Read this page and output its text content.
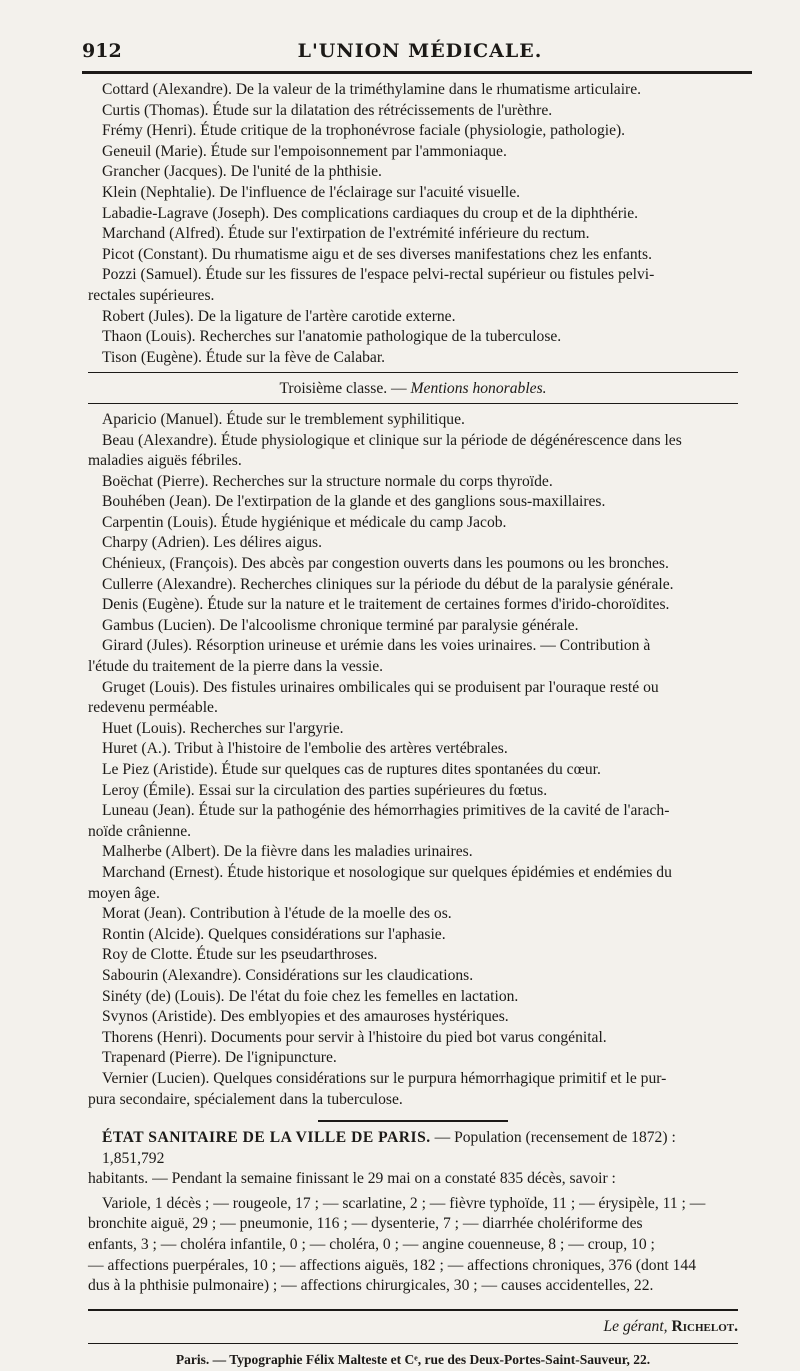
912	L'UNION MÉDICALE.

Cottard (Alexandre). De la valeur de la triméthylamine dans le rhumatisme articulaire.

Curtis (Thomas). Étude sur la dilatation des rétrécissements de l'urèthre.

Frémy (Henri). Étude critique de la trophonévrose faciale (physiologie, pathologie).

Geneuil (Marie). Étude sur l'empoisonnement par l'ammoniaque.

Grancher (Jacques). De l'unité de la phthisie.

Klein (Nephtalie). De l'influence de l'éclairage sur l'acuité visuelle.

Labadie-Lagrave (Joseph). Des complications cardiaques du croup et de la diphthérie.

Marchand (Alfred). Étude sur l'extirpation de l'extrémité inférieure du rectum.

Picot (Constant). Du rhumatisme aigu et de ses diverses manifestations chez les enfants.

Pozzi (Samuel). Étude sur les fissures de l'espace pelvi-rectal supérieur ou fistules pelvi-

rectales supérieures.

Robert (Jules). De la ligature de l'artère carotide externe.

Thaon (Louis). Recherches sur l'anatomie pathologique de la tuberculose.

Tison (Eugène). Étude sur la fève de Calabar.

Troisième classe. — Mentions honorables.

Aparicio (Manuel). Étude sur le tremblement syphilitique.

Beau (Alexandre). Étude physiologique et clinique sur la période de dégénérescence dans les

maladies aiguës fébriles.

Boëchat (Pierre). Recherches sur la structure normale du corps thyroïde.

Bouhében (Jean). De l'extirpation de la glande et des ganglions sous-maxillaires.

Carpentin (Louis). Étude hygiénique et médicale du camp Jacob.

Charpy (Adrien). Les délires aigus.

Chénieux, (François). Des abcès par congestion ouverts dans les poumons ou les bronches.

Cullerre (Alexandre). Recherches cliniques sur la période du début de la paralysie générale.

Denis (Eugène). Étude sur la nature et le traitement de certaines formes d'irido-choroïdites.

Gambus (Lucien). De l'alcoolisme chronique terminé par paralysie générale.

Girard (Jules). Résorption urineuse et urémie dans les voies urinaires. — Contribution à

l'étude du traitement de la pierre dans la vessie.

Gruget (Louis). Des fistules urinaires ombilicales qui se produisent par l'ouraque resté ou

redevenu perméable.

Huet (Louis). Recherches sur l'argyrie.

Huret (A.). Tribut à l'histoire de l'embolie des artères vertébrales.

Le Piez (Aristide). Étude sur quelques cas de ruptures dites spontanées du cœur.

Leroy (Émile). Essai sur la circulation des parties supérieures du fœtus.

Luneau (Jean). Étude sur la pathogénie des hémorrhagies primitives de la cavité de l'arach-

noïde crânienne.

Malherbe (Albert). De la fièvre dans les maladies urinaires.

Marchand (Ernest). Étude historique et nosologique sur quelques épidémies et endémies du

moyen âge.

Morat (Jean). Contribution à l'étude de la moelle des os.

Rontin (Alcide). Quelques considérations sur l'aphasie.

Roy de Clotte. Étude sur les pseudarthroses.

Sabourin (Alexandre). Considérations sur les claudications.

Sinéty (de) (Louis). De l'état du foie chez les femelles en lactation.

Svynos (Aristide). Des emblyopies et des amauroses hystériques.

Thorens (Henri). Documents pour servir à l'histoire du pied bot varus congénital.

Trapenard (Pierre). De l'ignipuncture.

Vernier (Lucien). Quelques considérations sur le purpura hémorrhagique primitif et le pur-

pura secondaire, spécialement dans la tuberculose.

ÉTAT SANITAIRE DE LA VILLE DE PARIS. — Population (recensement de 1872) : 1,851,792

habitants. — Pendant la semaine finissant le 29 mai on a constaté 835 décès, savoir :

Variole, 1 décès ; — rougeole, 17 ; — scarlatine, 2 ; — fièvre typhoïde, 11 ; — érysipèle, 11 ; —

bronchite aiguë, 29 ; — pneumonie, 116 ; — dysenterie, 7 ; — diarrhée cholériforme des

enfants, 3 ; — choléra infantile, 0 ; — choléra, 0 ; — angine couenneuse, 8 ; — croup, 10 ;

— affections puerpérales, 10 ; — affections aiguës, 182 ; — affections chroniques, 376 (dont 144

dus à la phthisie pulmonaire) ; — affections chirurgicales, 30 ; — causes accidentelles, 22.

Le gérant, Richelot.

Paris. — Typographie Félix Malteste et Cᵉ, rue des Deux-Portes-Saint-Sauveur, 22.
